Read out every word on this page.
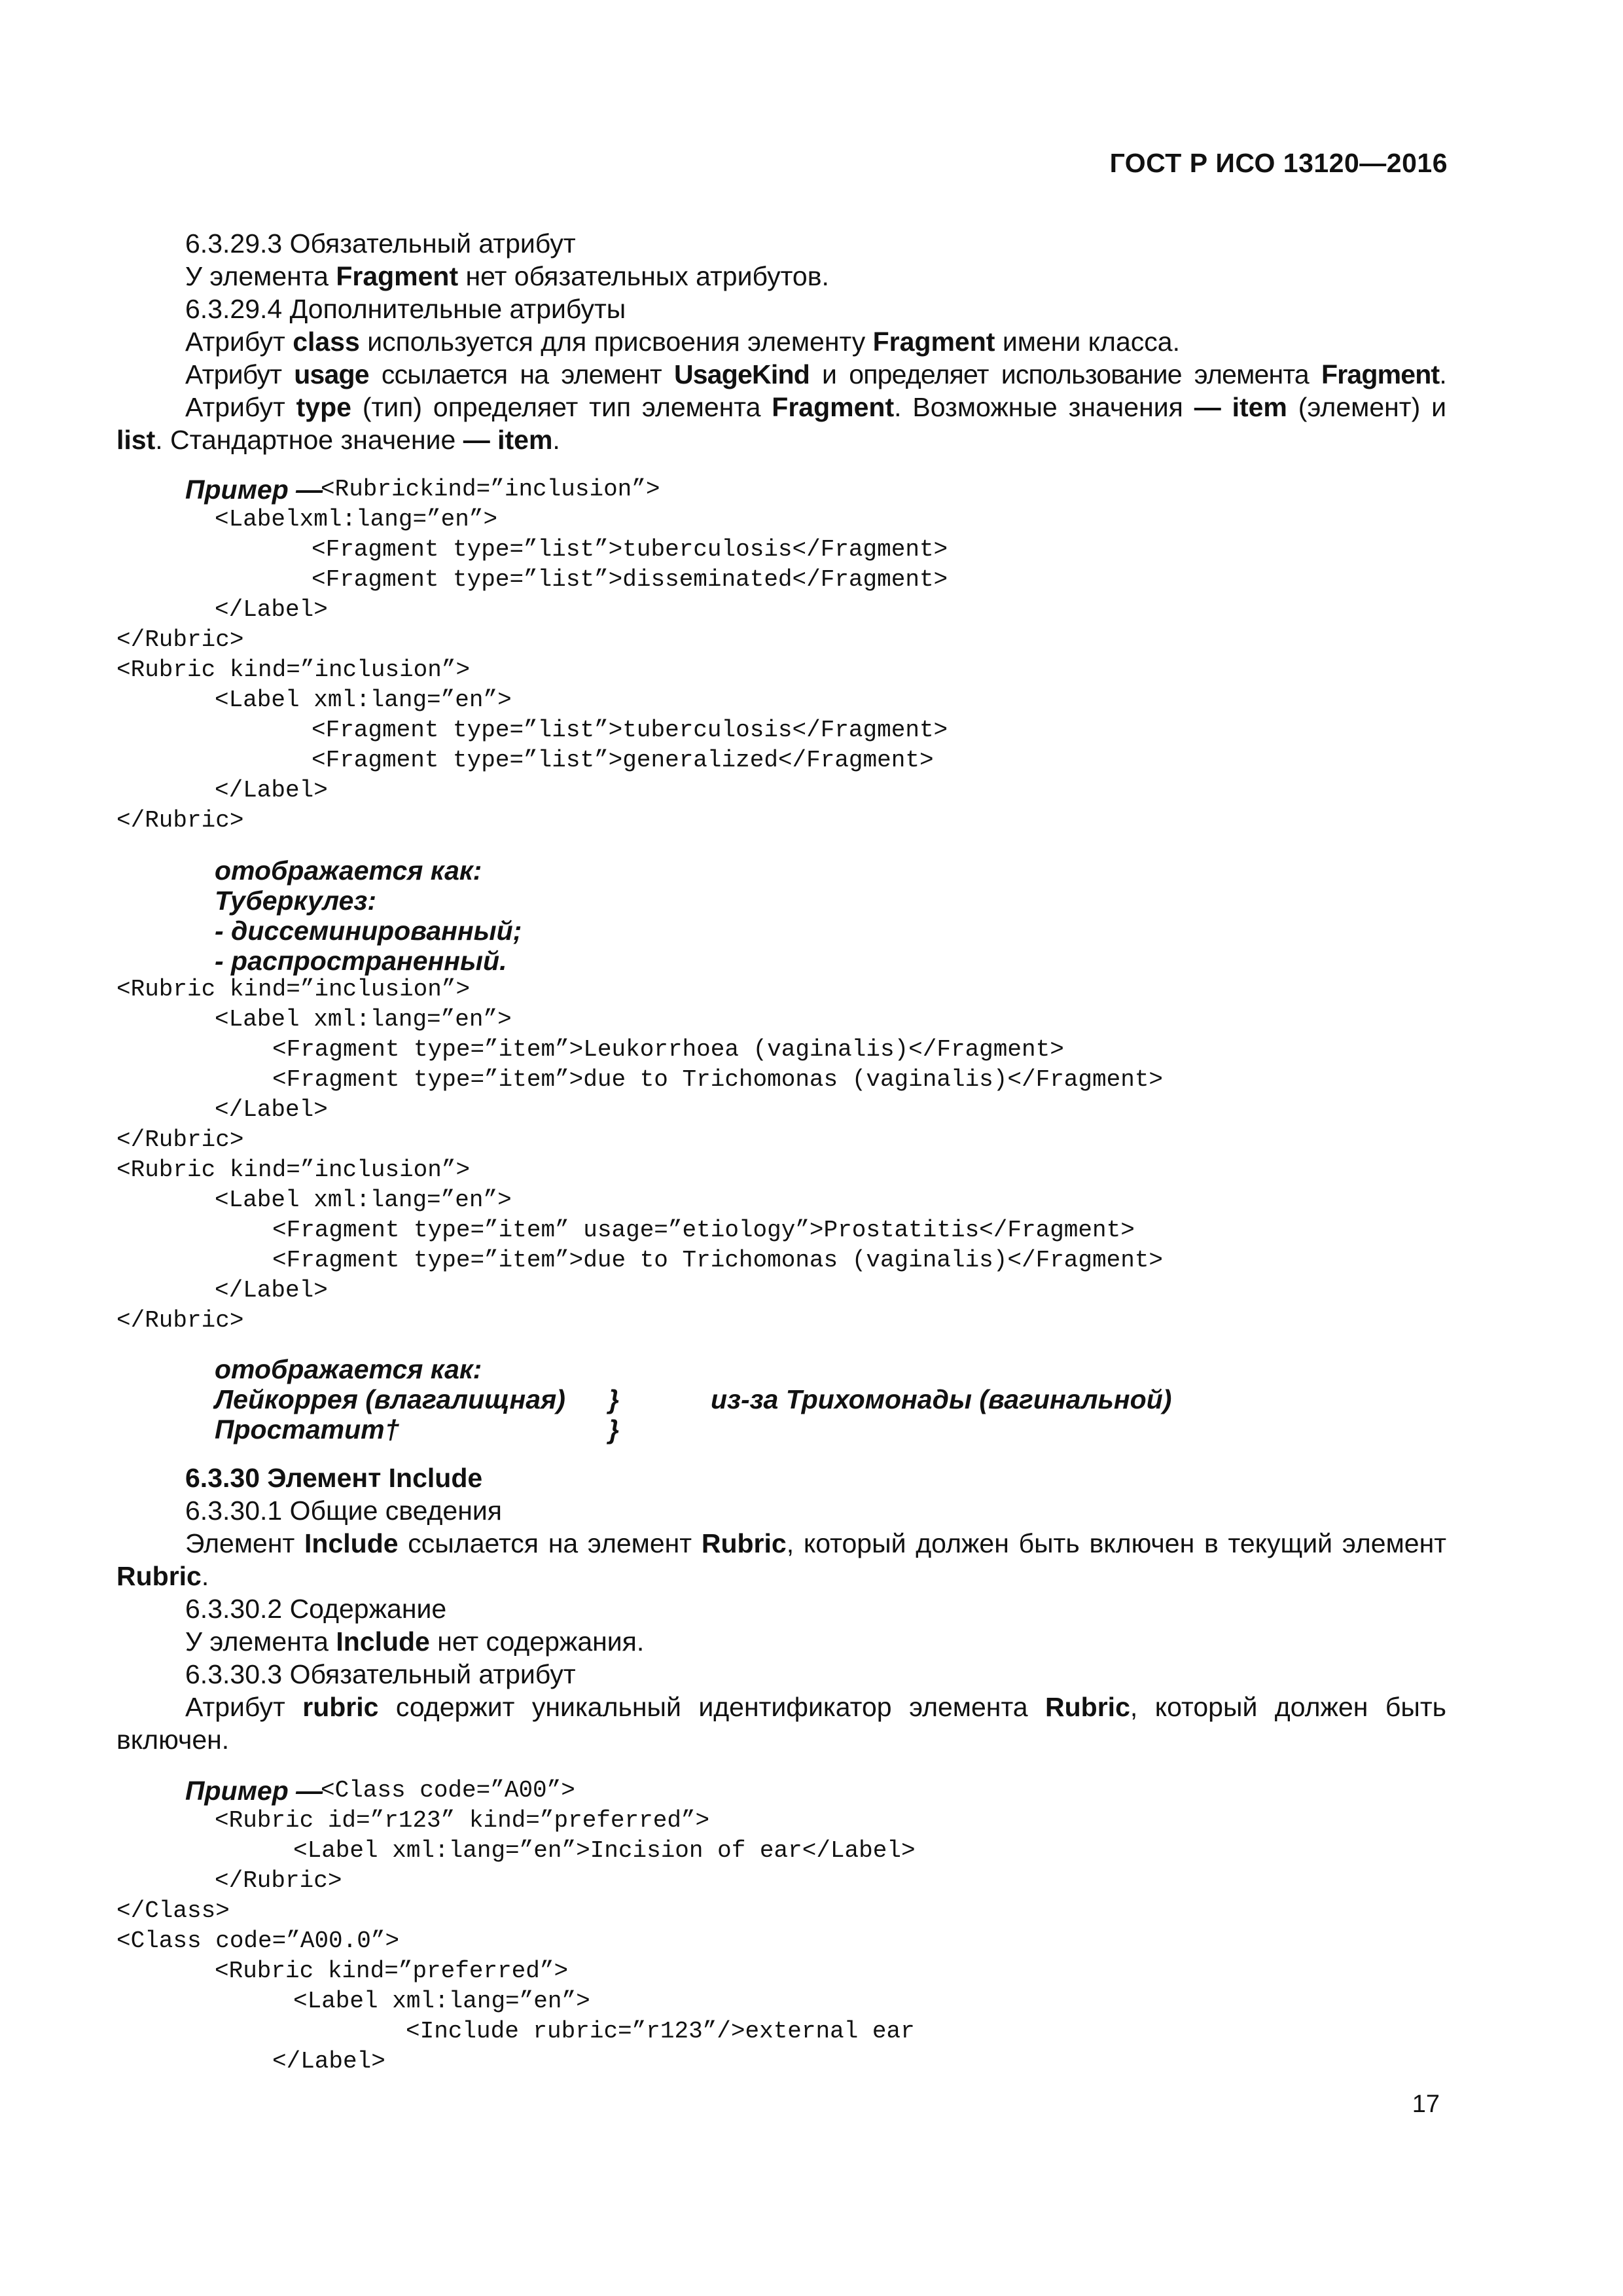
ГОСТ Р ИСО 13120—2016
6.3.29.3 Обязательный атрибут
У элемента Fragment нет обязательных атрибутов.
6.3.29.4 Дополнительные атрибуты
Атрибут class используется для присвоения элементу Fragment имени класса.
Атрибут usage ссылается на элемент UsageKind и определяет использование элемента Fragment.
Атрибут type (тип) определяет тип элемента Fragment. Возможные значения — item (элемент) и
list. Стандартное значение — item.
Пример —
<Rubrickind=”inclusion”>
<Labelxml:lang=”en”>
<Fragment type=”list”>tuberculosis</Fragment>
<Fragment type=”list”>disseminated</Fragment>
</Label>
</Rubric>
<Rubric kind=”inclusion”>
<Label xml:lang=”en”>
<Fragment type=”list”>tuberculosis</Fragment>
<Fragment type=”list”>generalized</Fragment>
</Label>
</Rubric>
отображается как:
Туберкулез:
- диссеминированный;
- распространенный.
<Rubric kind=”inclusion”>
<Label xml:lang=”en”>
<Fragment type=”item”>Leukorrhoea (vaginalis)</Fragment>
<Fragment type=”item”>due to Trichomonas (vaginalis)</Fragment>
</Label>
</Rubric>
<Rubric kind=”inclusion”>
<Label xml:lang=”en”>
<Fragment type=”item” usage=”etiology”>Prostatitis</Fragment>
<Fragment type=”item”>due to Trichomonas (vaginalis)</Fragment>
</Label>
</Rubric>
отображается как:
Лейкоррея (влагалищная) }	из-за Трихомонады (вагинальной)
Простатит†	}
6.3.30 Элемент Include
6.3.30.1 Общие сведения
Элемент Include ссылается на элемент Rubric, который должен быть включен в текущий элемент
Rubric.
6.3.30.2 Содержание
У элемента Include нет содержания.
6.3.30.3 Обязательный атрибут
Атрибут rubric содержит уникальный идентификатор элемента Rubric, который должен быть
включен.
Пример —
<Class code=”A00”>
<Rubric id=”r123” kind=”preferred”>
<Label xml:lang=”en”>Incision of ear</Label>
</Rubric>
</Class>
<Class code=”A00.0”>
<Rubric kind=”preferred”>
<Label xml:lang=”en”>
<Include rubric=”r123”/>external ear
</Label>
17
